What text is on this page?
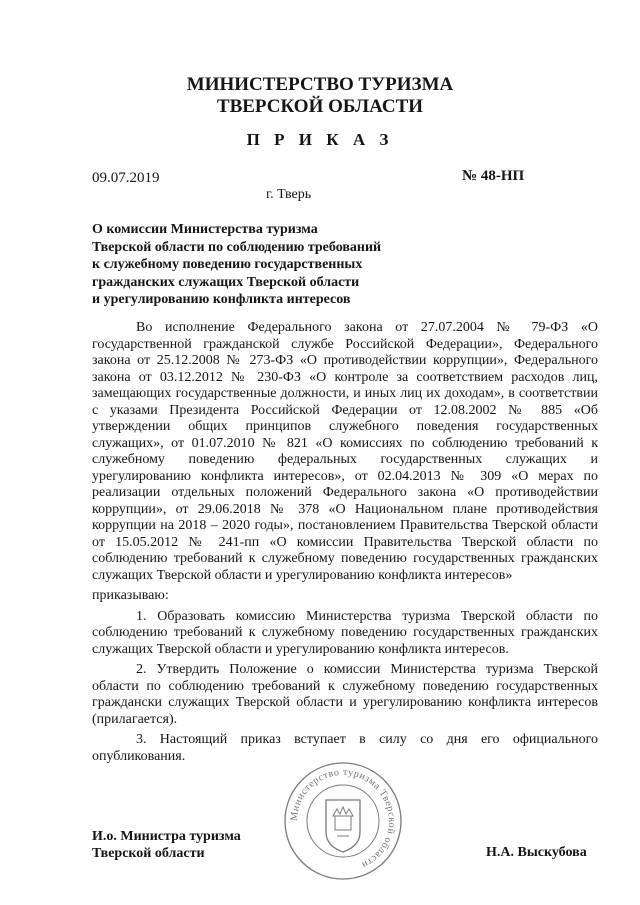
МИНИСТЕРСТВО ТУРИЗМА
ТВЕРСКОЙ ОБЛАСТИ
П Р И К А З
09.07.2019	№ 48-НП
г. Тверь
О комиссии Министерства туризма
Тверской области по соблюдению требований
к служебному поведению государственных
гражданских служащих Тверской области
и урегулированию конфликта интересов

Во исполнение Федерального закона от 27.07.2004 № 79-ФЗ «О государственной гражданской службе Российской Федерации», Федерального закона от 25.12.2008 № 273-ФЗ «О противодействии коррупции», Федерального закона от 03.12.2012 № 230-ФЗ «О контроле за соответствием расходов лиц, замещающих государственные должности, и иных лиц их доходам», в соответствии с указами Президента Российской Федерации от 12.08.2002 № 885 «Об утверждении общих принципов служебного поведения государственных служащих», от 01.07.2010 № 821 «О комиссиях по соблюдению требований к служебному поведению федеральных государственных служащих и урегулированию конфликта интересов», от 02.04.2013 № 309 «О мерах по реализации отдельных положений Федерального закона «О противодействии коррупции», от 29.06.2018 № 378 «О Национальном плане противодействия коррупции на 2018 – 2020 годы», постановлением Правительства Тверской области от 15.05.2012 № 241-пп «О комиссии Правительства Тверской области по соблюдению требований к служебному поведению государственных гражданских служащих Тверской области и урегулированию конфликта интересов»

приказываю:

1. Образовать комиссию Министерства туризма Тверской области по соблюдению требований к служебному поведению государственных гражданских служащих Тверской области и урегулированию конфликта интересов.

2. Утвердить Положение о комиссии Министерства туризма Тверской области по соблюдению требований к служебному поведению государственных гражданcки служащих Тверской области и урегулированию конфликта интересов (прилагается).

3. Настоящий приказ вступает в силу со дня его официального опубликования.

Министерство туризма Тверской области
И.о. Министра туризма
Тверской области	Н.А. Выскубова
